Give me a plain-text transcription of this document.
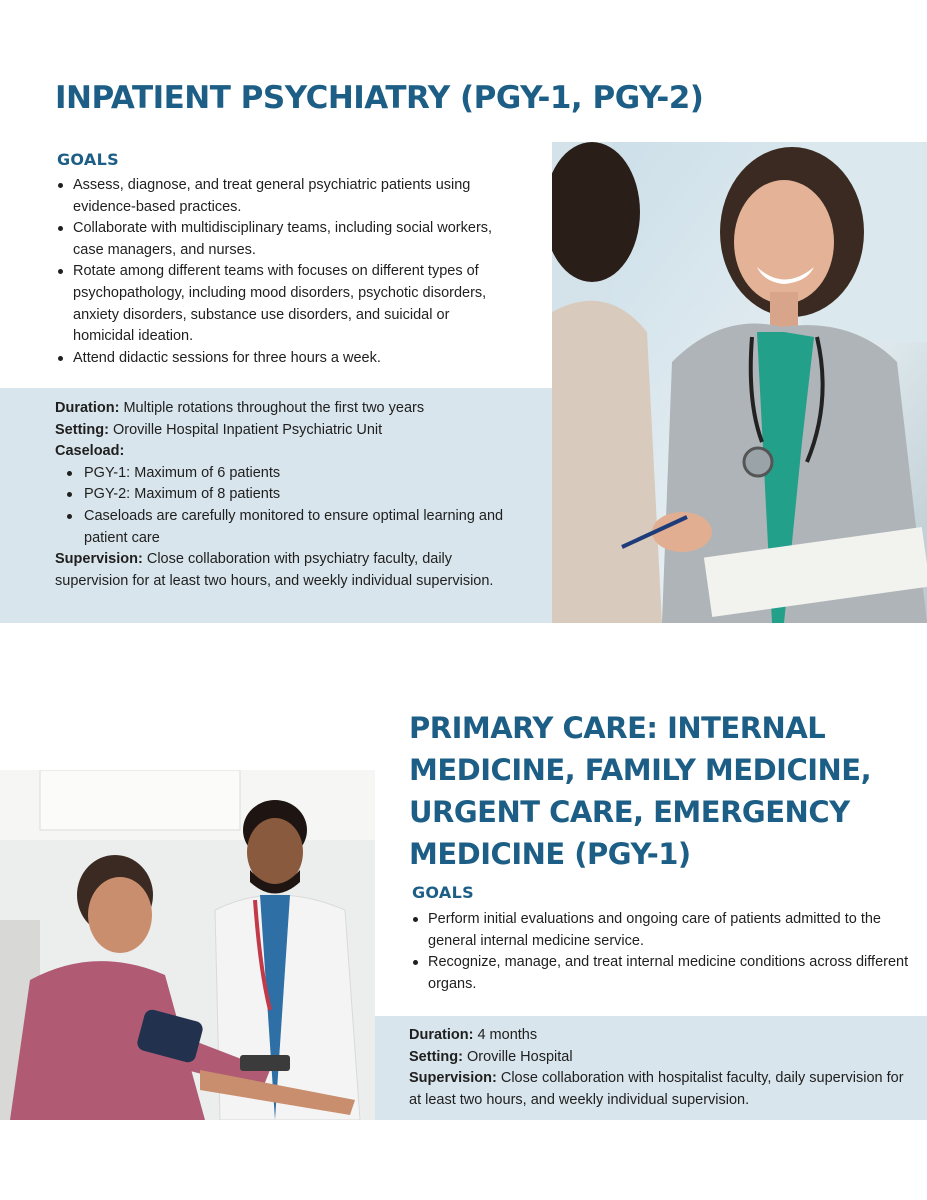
INPATIENT PSYCHIATRY (PGY-1, PGY-2)
GOALS
Assess, diagnose, and treat general psychiatric patients using evidence-based practices.
Collaborate with multidisciplinary teams, including social workers, case managers, and nurses.
Rotate among different teams with focuses on different types of psychopathology, including mood disorders, psychotic disorders, anxiety disorders, substance use disorders, and suicidal or homicidal ideation.
Attend didactic sessions for three hours a week.

Duration: Multiple rotations throughout the first two years

Setting: Oroville Hospital Inpatient Psychiatric Unit

Caseload:

PGY-1: Maximum of 6 patients
PGY-2: Maximum of 8 patients
Caseloads are carefully monitored to ensure optimal learning and patient care

Supervision: Close collaboration with psychiatry faculty, daily supervision for at least two hours, and weekly individual supervision.

PRIMARY CARE: INTERNAL MEDICINE, FAMILY MEDICINE, URGENT CARE, EMERGENCY MEDICINE (PGY-1)
GOALS
Perform initial evaluations and ongoing care of patients admitted to the general internal medicine service.
Recognize, manage, and treat internal medicine conditions across different organs.

Duration: 4 months

Setting: Oroville Hospital

Supervision: Close collaboration with hospitalist faculty, daily supervision for at least two hours, and weekly individual supervision.
